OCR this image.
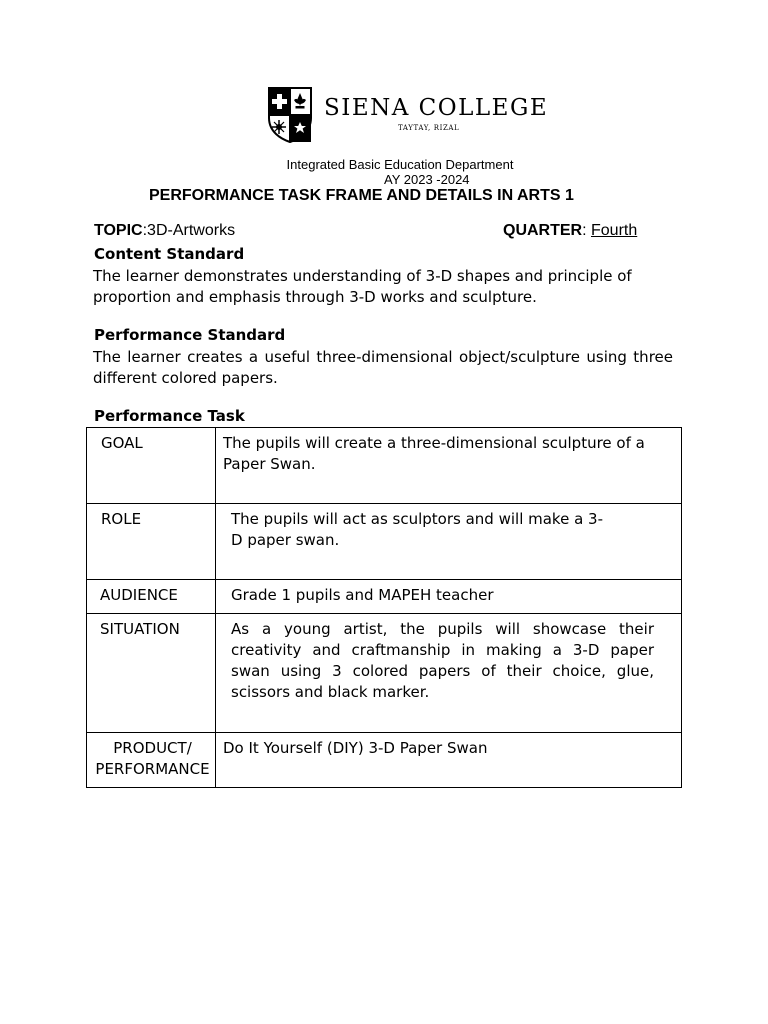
SIENA COLLEGE
TAYTAY, RIZAL
Integrated Basic Education Department
AY 2023 -2024
PERFORMANCE TASK FRAME AND DETAILS IN ARTS 1
TOPIC:3D-Artworks	QUARTER: Fourth
Content Standard
The learner demonstrates understanding of 3-D shapes and principle of proportion and emphasis through 3-D works and sculpture.
Performance Standard
The learner creates a useful three-dimensional object/sculpture using three different colored papers.
Performance Task
GOAL	The pupils will create a three-dimensional sculpture of a Paper Swan.

ROLE	The pupils will act as sculptors and will make a 3-D paper swan.

AUDIENCE	Grade 1 pupils and MAPEH teacher

SITUATION	As a young artist, the pupils will showcase their creativity and craftmanship in making a 3-D paper swan using 3 colored papers of their choice, glue, scissors and black marker.

PRODUCT/ PERFORMANCE	Do It Yourself (DIY) 3-D Paper Swan
